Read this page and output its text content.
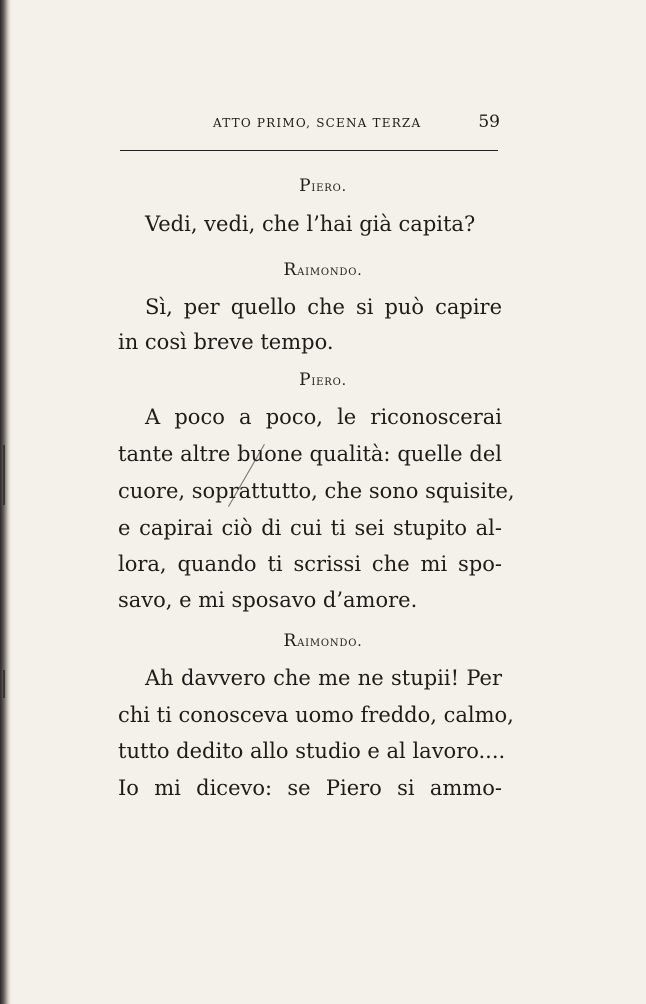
ATTO PRIMO, SCENA TERZA	59
Piero.
Vedi, vedi, che l’hai già capita?
Raimondo.
Sì, per quello che si può capire
in così breve tempo.
Piero.
A poco a poco, le riconoscerai
tante altre buone qualità: quelle del
cuore, soprattutto, che sono squisite,
e capirai ciò di cui ti sei stupito al-
lora, quando ti scrissi che mi spo-
savo, e mi sposavo d’amore.
Raimondo.
Ah davvero che me ne stupii! Per
chi ti conosceva uomo freddo, calmo,
tutto dedito allo studio e al lavoro....
Io mi dicevo: se Piero si ammo-
